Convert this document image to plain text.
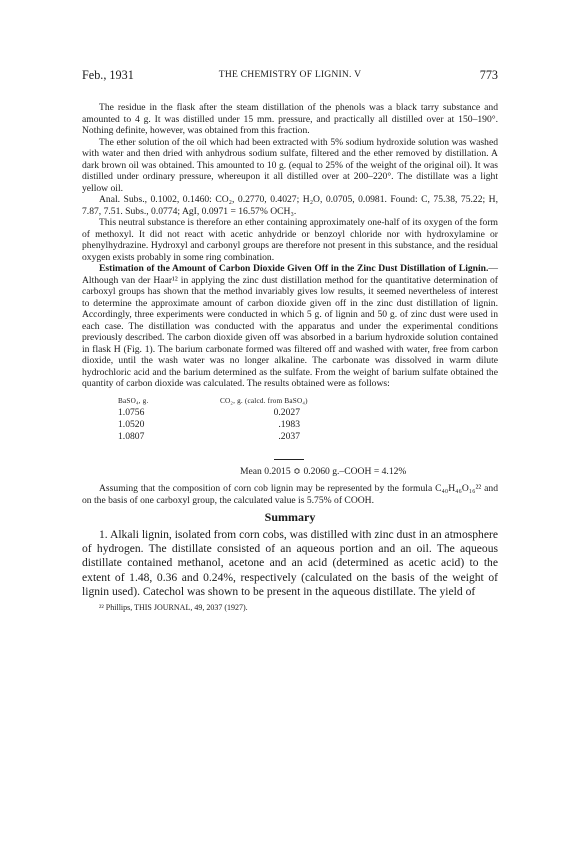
Feb., 1931	THE CHEMISTRY OF LIGNIN. V	773

The residue in the flask after the steam distillation of the phenols was a black tarry substance and amounted to 4 g. It was distilled under 15 mm. pressure, and practically all distilled over at 150–190°. Nothing definite, however, was obtained from this fraction.

The ether solution of the oil which had been extracted with 5% sodium hydroxide solution was washed with water and then dried with anhydrous sodium sulfate, filtered and the ether removed by distillation. A dark brown oil was obtained. This amounted to 10 g. (equal to 25% of the weight of the original oil). It was distilled under ordinary pressure, whereupon it all distilled over at 200–220°. The distillate was a light yellow oil.

Anal. Subs., 0.1002, 0.1460: CO₂, 0.2770, 0.4027; H₂O, 0.0705, 0.0981. Found: C, 75.38, 75.22; H, 7.87, 7.51. Subs., 0.0774; AgI, 0.0971 = 16.57% OCH₃.

This neutral substance is therefore an ether containing approximately one-half of its oxygen of the form of methoxyl. It did not react with acetic anhydride or benzoyl chloride nor with hydroxylamine or phenylhydrazine. Hydroxyl and carbonyl groups are therefore not present in this substance, and the residual oxygen exists probably in some ring combination.

Estimation of the Amount of Carbon Dioxide Given Off in the Zinc Dust Distillation of Lignin.—Although van der Haar¹² in applying the zinc dust distillation method for the quantitative determination of carboxyl groups has shown that the method invariably gives low results, it seemed nevertheless of interest to determine the approximate amount of carbon dioxide given off in the zinc dust distillation of lignin. Accordingly, three experiments were conducted in which 5 g. of lignin and 50 g. of zinc dust were used in each case. The distillation was conducted with the apparatus and under the experimental conditions previously described. The carbon dioxide given off was absorbed in a barium hydroxide solution contained in flask H (Fig. 1). The barium carbonate formed was filtered off and washed with water, free from carbon dioxide, until the wash water was no longer alkaline. The carbonate was dissolved in warm dilute hydrochloric acid and the barium determined as the sulfate. From the weight of barium sulfate obtained the quantity of carbon dioxide was calculated. The results obtained were as follows:

BaSO₄, g.
1.0756
1.0520
1.0807
CO₂, g. (calcd. from BaSO₄)
0.2027
.1983
.2037
Mean 0.2015 ≎ 0.2060 g.–COOH = 4.12%

Assuming that the composition of corn cob lignin may be represented by the formula C₄₀H₄₆O₁₆²² and on the basis of one carboxyl group, the calculated value is 5.75% of COOH.

Summary

1. Alkali lignin, isolated from corn cobs, was distilled with zinc dust in an atmosphere of hydrogen. The distillate consisted of an aqueous portion and an oil. The aqueous distillate contained methanol, acetone and an acid (determined as acetic acid) to the extent of 1.48, 0.36 and 0.24%, respectively (calculated on the basis of the weight of lignin used). Catechol was shown to be present in the aqueous distillate. The yield of

²² Phillips, THIS JOURNAL, 49, 2037 (1927).
